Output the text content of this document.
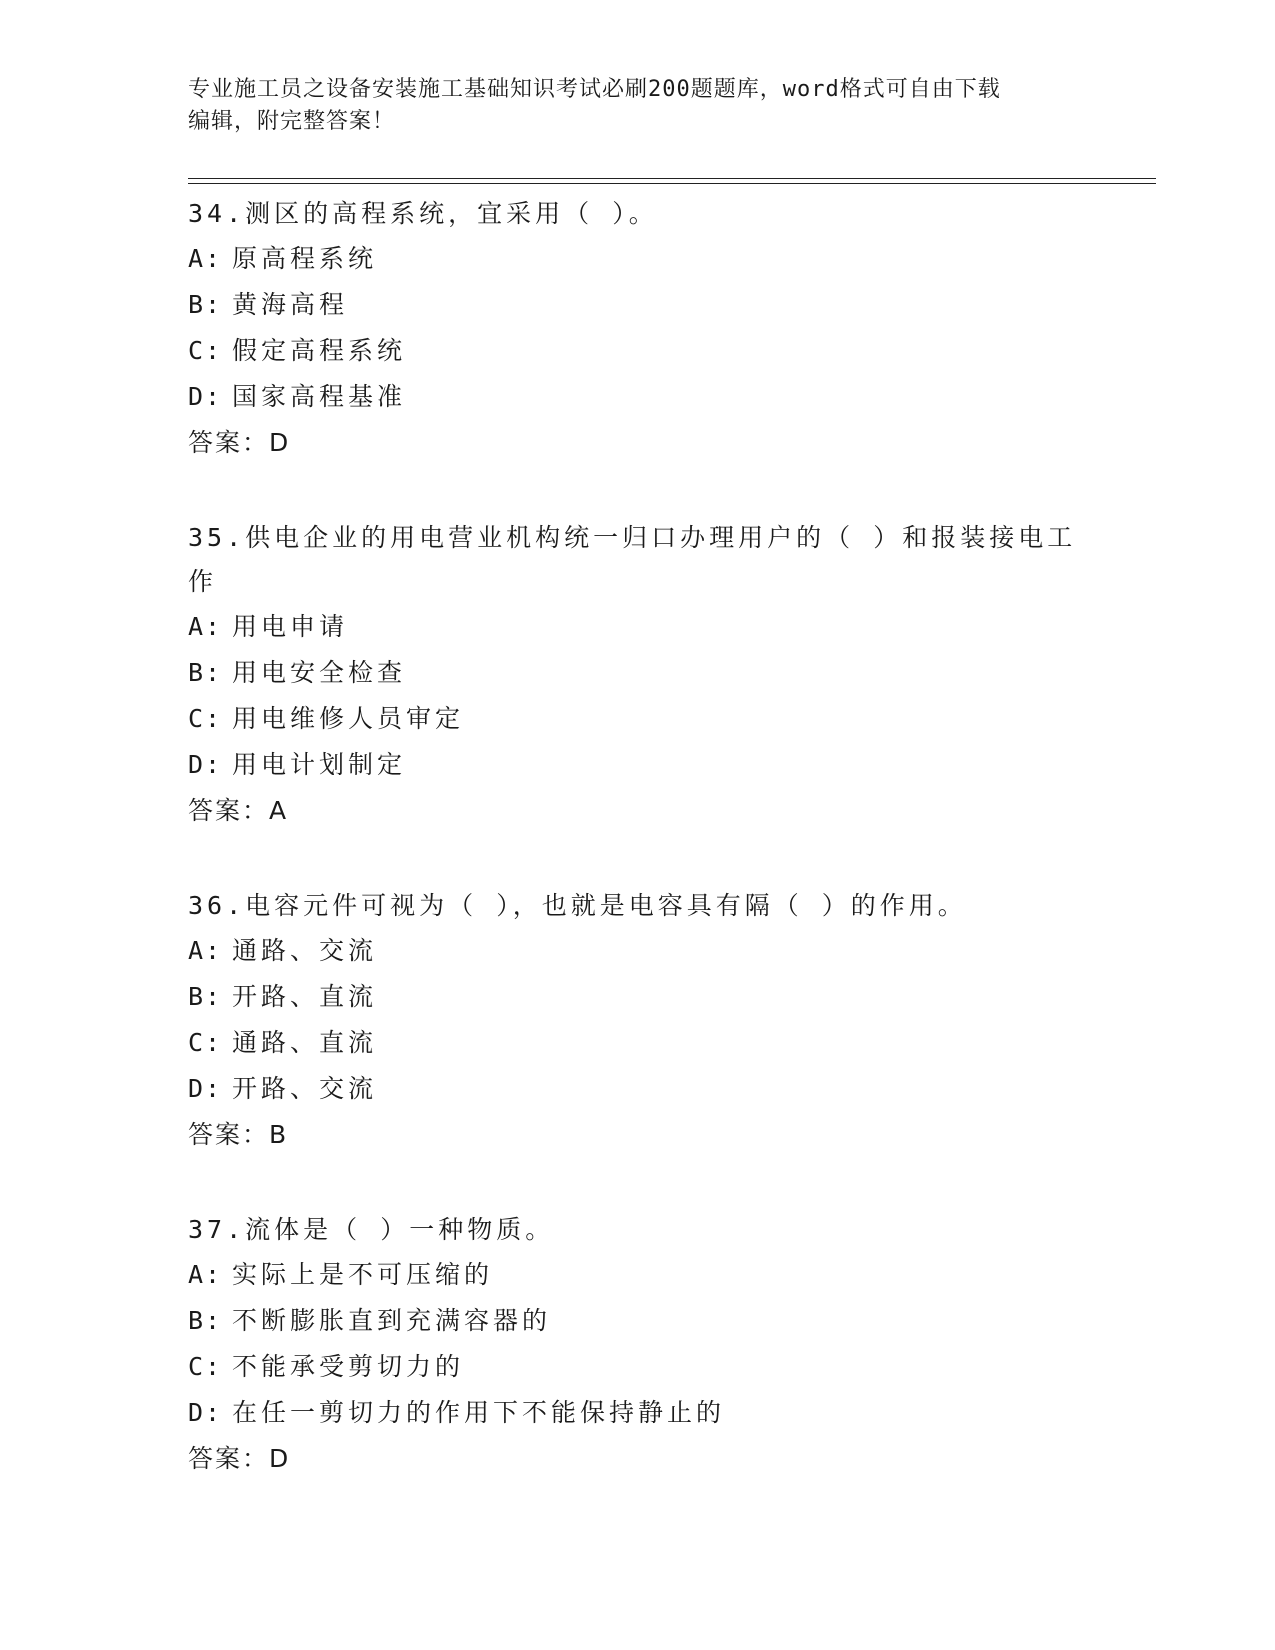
专业施工员之设备安装施工基础知识考试必刷200题题库，word格式可自由下载
编辑，附完整答案！
34.测区的高程系统，宜采用（ ）。
A: 原高程系统
B: 黄海高程
C: 假定高程系统
D: 国家高程基准
答案：D
35.供电企业的用电营业机构统一归口办理用户的（ ）和报装接电工作
A: 用电申请
B: 用电安全检查
C: 用电维修人员审定
D: 用电计划制定
答案：A
36.电容元件可视为（ ），也就是电容具有隔（ ）的作用。
A: 通路、交流
B: 开路、直流
C: 通路、直流
D: 开路、交流
答案：B
37.流体是（ ）一种物质。
A: 实际上是不可压缩的
B: 不断膨胀直到充满容器的
C: 不能承受剪切力的
D: 在任一剪切力的作用下不能保持静止的
答案：D
